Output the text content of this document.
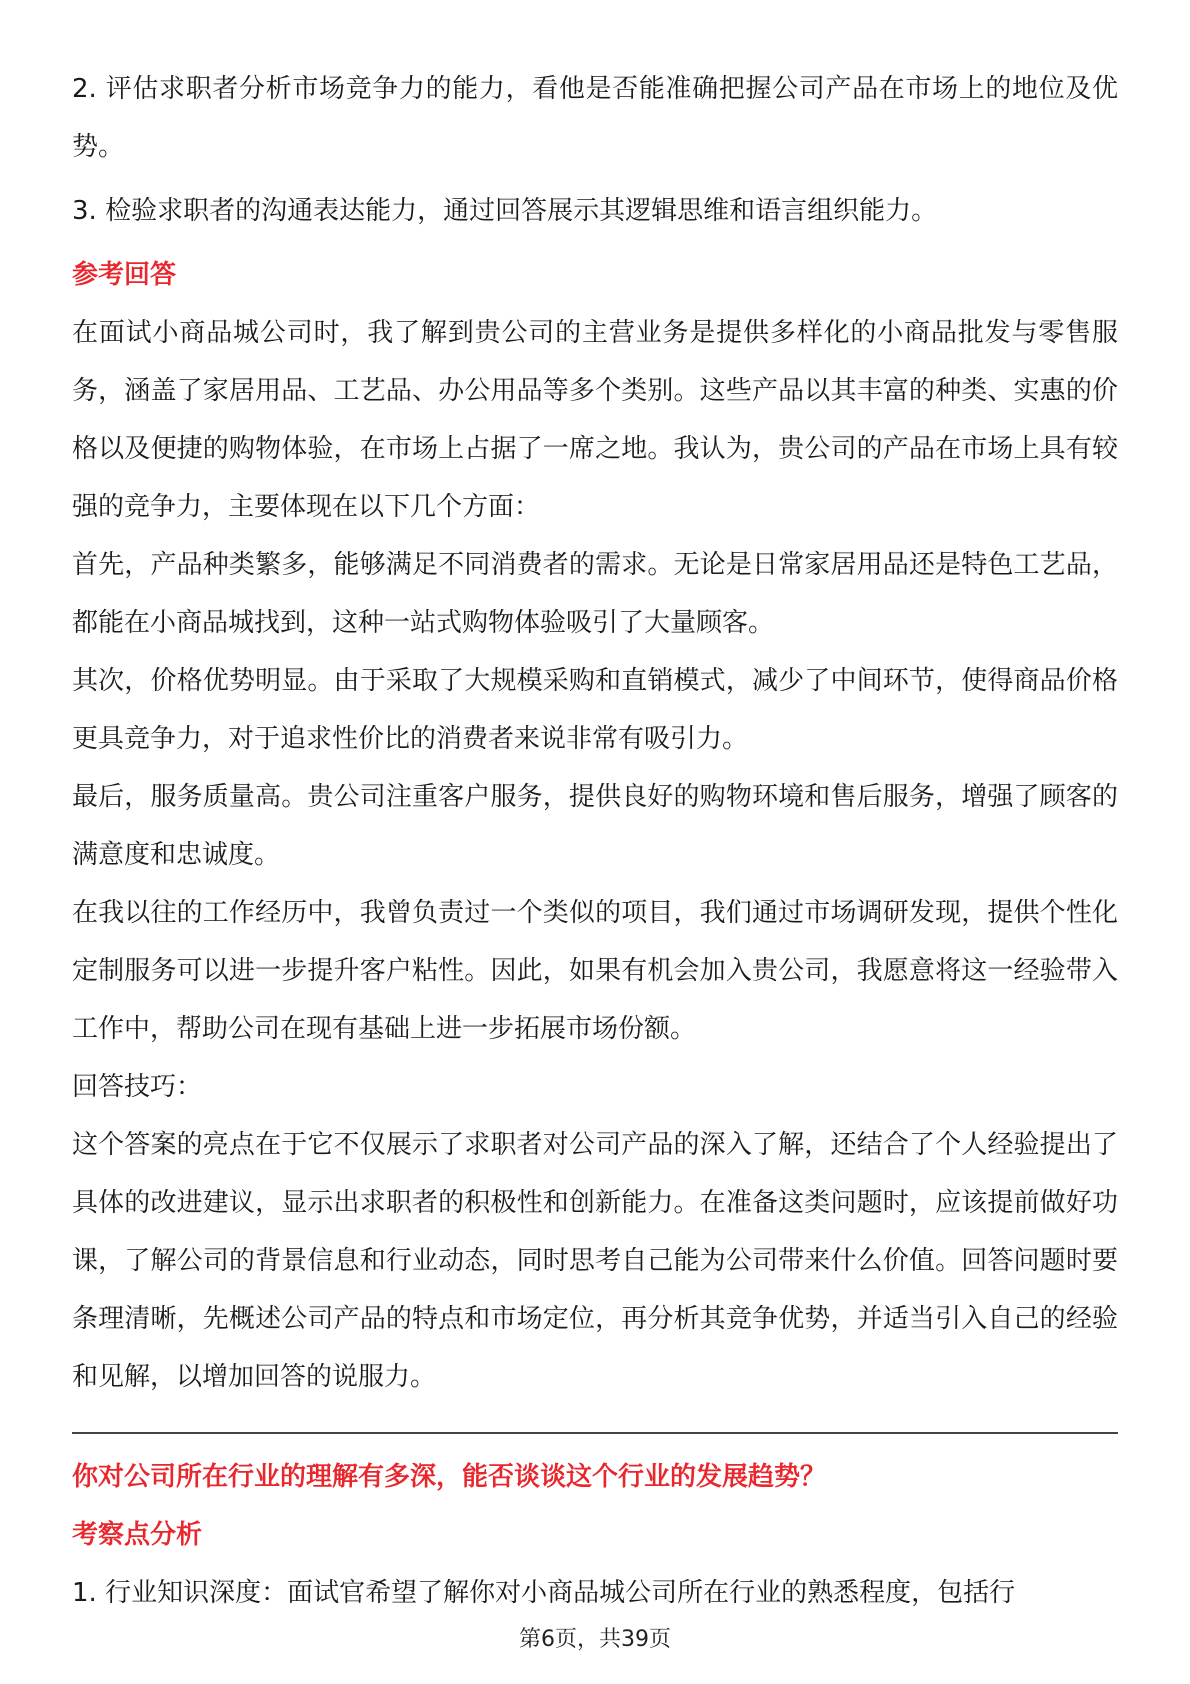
2. 评估求职者分析市场竞争力的能力，看他是否能准确把握公司产品在市场上的地位及优势。

3. 检验求职者的沟通表达能力，通过回答展示其逻辑思维和语言组织能力。

参考回答

在面试小商品城公司时，我了解到贵公司的主营业务是提供多样化的小商品批发与零售服务，涵盖了家居用品、工艺品、办公用品等多个类别。这些产品以其丰富的种类、实惠的价格以及便捷的购物体验，在市场上占据了一席之地。我认为，贵公司的产品在市场上具有较强的竞争力，主要体现在以下几个方面：

首先，产品种类繁多，能够满足不同消费者的需求。无论是日常家居用品还是特色工艺品，都能在小商品城找到，这种一站式购物体验吸引了大量顾客。

其次，价格优势明显。由于采取了大规模采购和直销模式，减少了中间环节，使得商品价格更具竞争力，对于追求性价比的消费者来说非常有吸引力。

最后，服务质量高。贵公司注重客户服务，提供良好的购物环境和售后服务，增强了顾客的满意度和忠诚度。

在我以往的工作经历中，我曾负责过一个类似的项目，我们通过市场调研发现，提供个性化定制服务可以进一步提升客户粘性。因此，如果有机会加入贵公司，我愿意将这一经验带入工作中，帮助公司在现有基础上进一步拓展市场份额。

回答技巧：

这个答案的亮点在于它不仅展示了求职者对公司产品的深入了解，还结合了个人经验提出了具体的改进建议，显示出求职者的积极性和创新能力。在准备这类问题时，应该提前做好功课，了解公司的背景信息和行业动态，同时思考自己能为公司带来什么价值。回答问题时要条理清晰，先概述公司产品的特点和市场定位，再分析其竞争优势，并适当引入自己的经验和见解，以增加回答的说服力。

你对公司所在行业的理解有多深，能否谈谈这个行业的发展趋势？

考察点分析

1. 行业知识深度：面试官希望了解你对小商品城公司所在行业的熟悉程度，包括行

第6页，共39页
